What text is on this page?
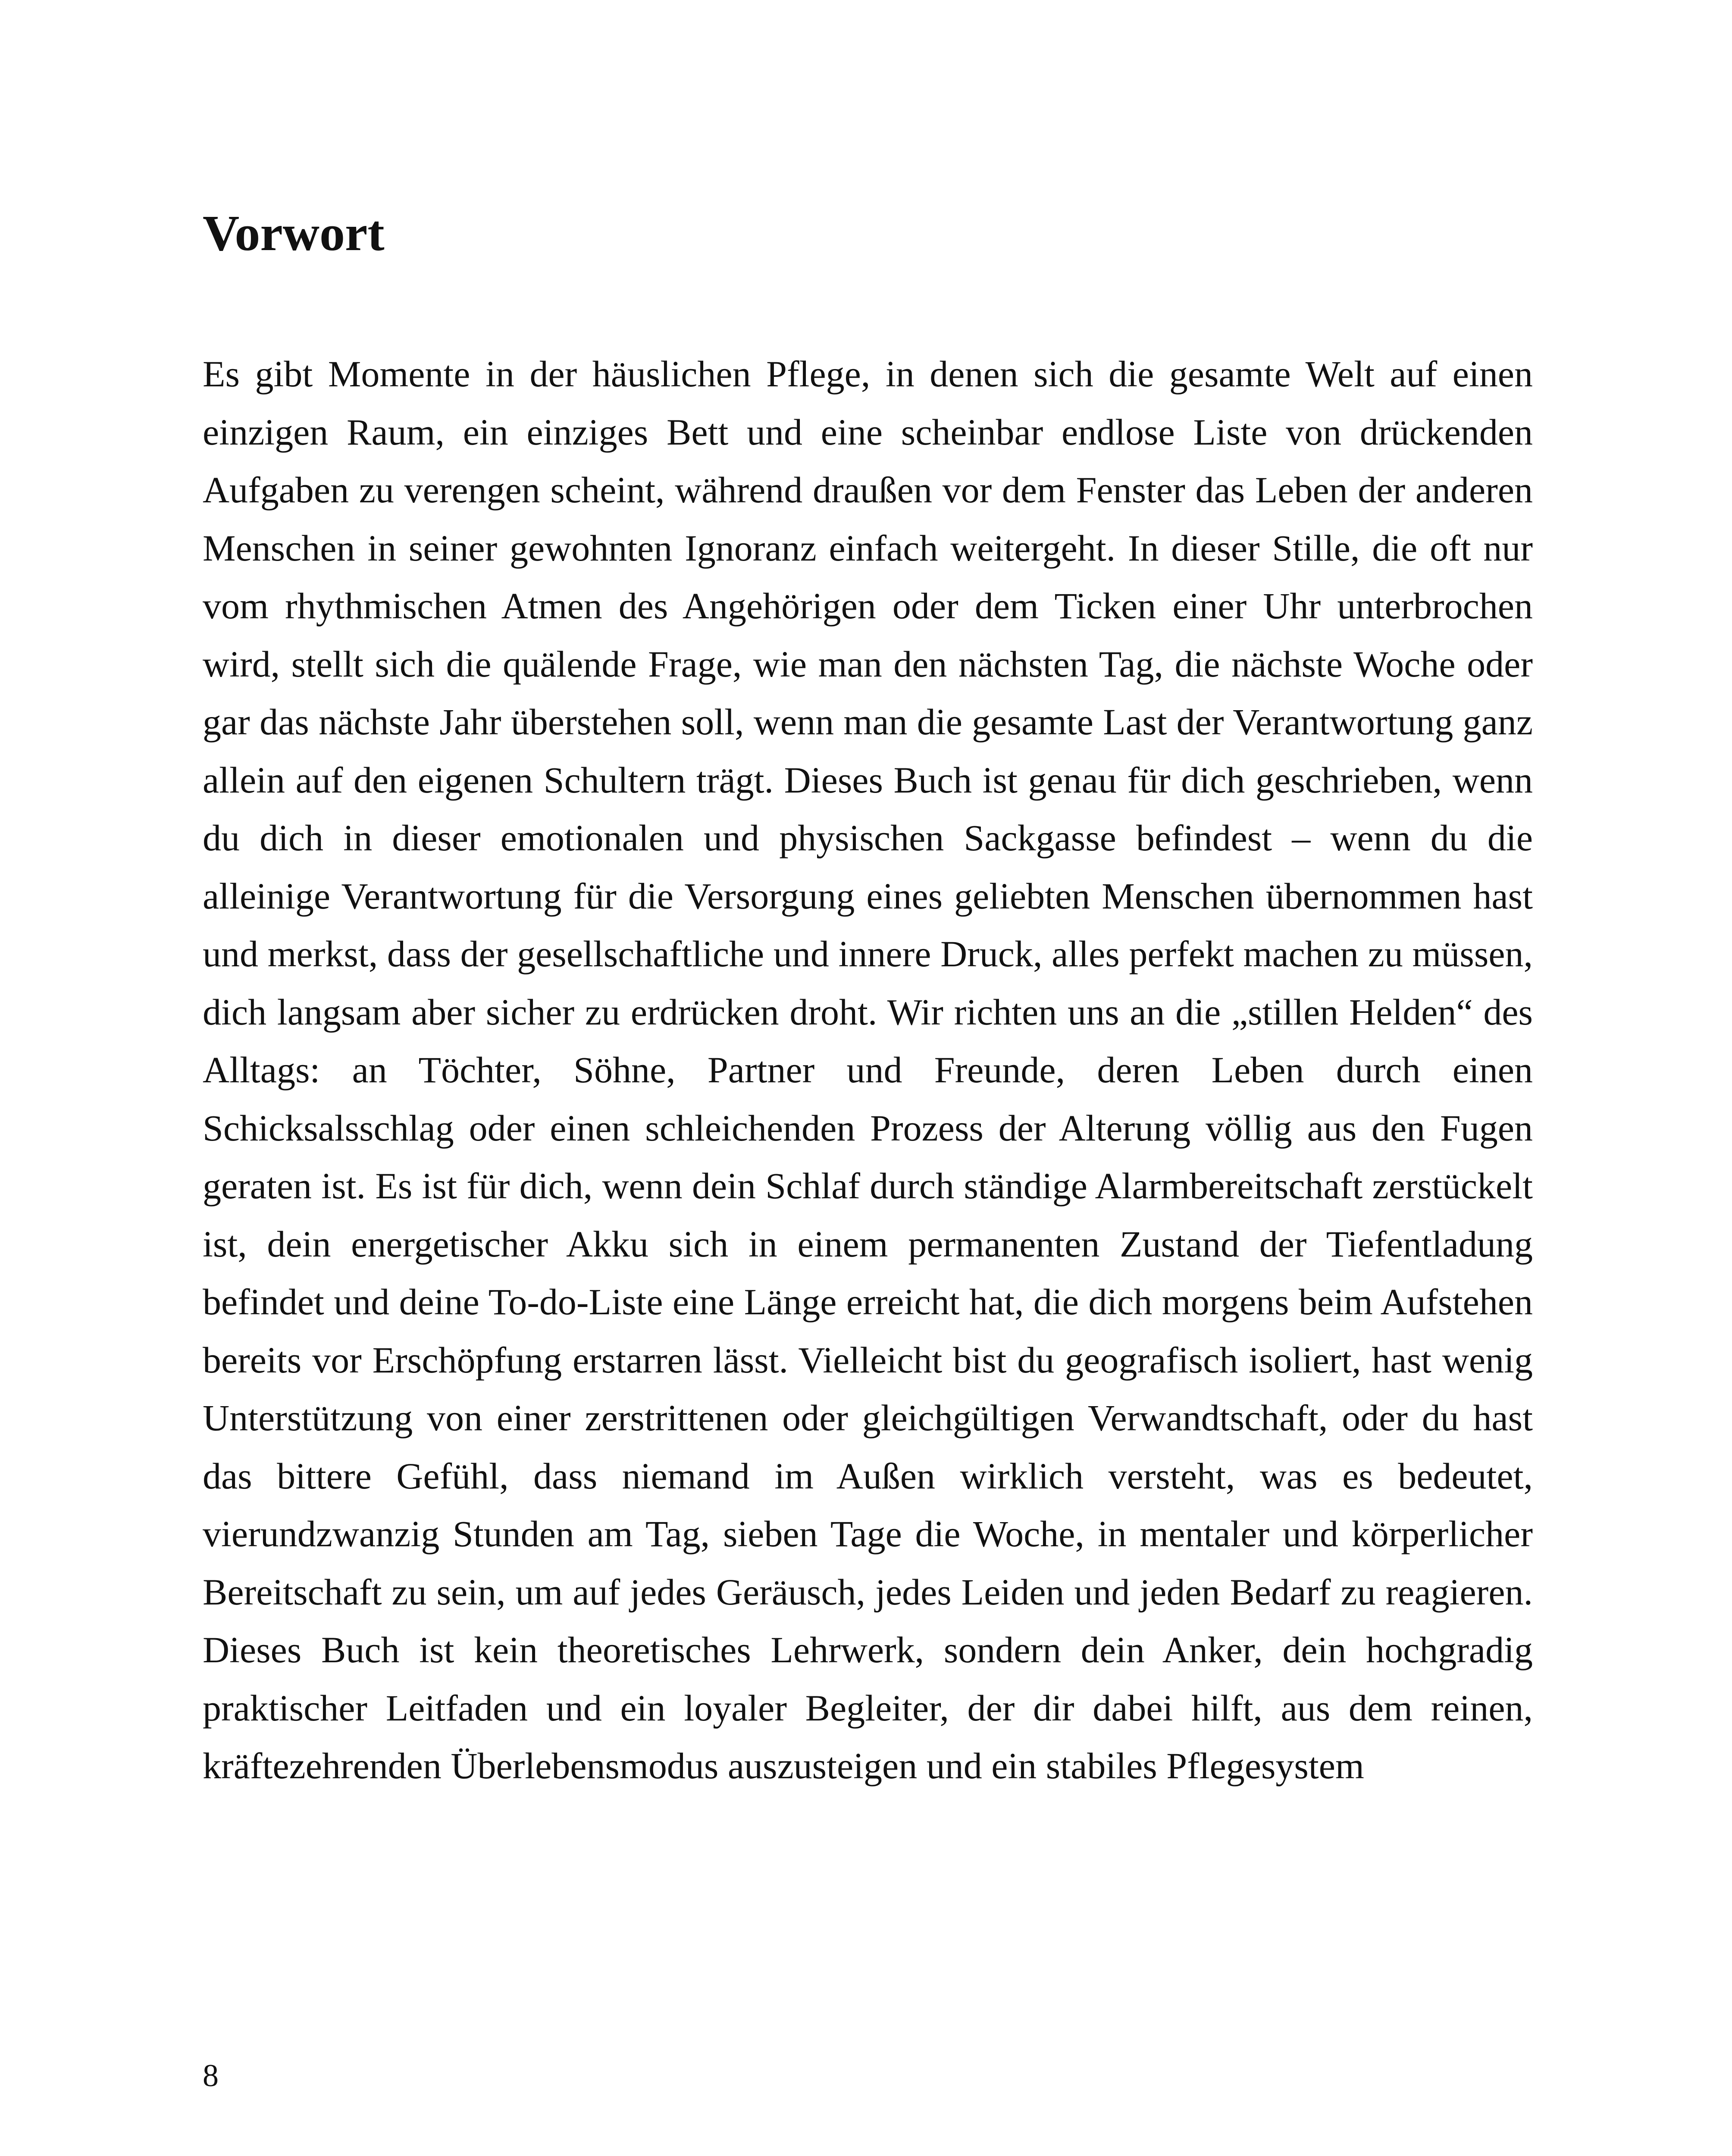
Vorwort

Es gibt Momente in der häuslichen Pflege, in denen sich die gesamte Welt auf einen einzigen Raum, ein einziges Bett und eine scheinbar endlose Liste von drückenden Aufgaben zu verengen scheint, während draußen vor dem Fenster das Leben der anderen Menschen in seiner gewohnten Ignoranz einfach weitergeht. In dieser Stille, die oft nur vom rhythmischen Atmen des Angehörigen oder dem Ticken einer Uhr unterbrochen wird, stellt sich die quälende Frage, wie man den nächsten Tag, die nächste Woche oder gar das nächste Jahr überstehen soll, wenn man die gesamte Last der Verantwortung ganz allein auf den eigenen Schultern trägt. Dieses Buch ist genau für dich geschrieben, wenn du dich in dieser emotionalen und physischen Sackgasse befindest – wenn du die alleinige Verantwortung für die Versorgung eines geliebten Menschen übernommen hast und merkst, dass der gesellschaftliche und innere Druck, alles perfekt machen zu müssen, dich langsam aber sicher zu erdrücken droht. Wir richten uns an die „stillen Helden“ des Alltags: an Töchter, Söhne, Partner und Freunde, deren Leben durch einen Schicksalsschlag oder einen schleichenden Prozess der Alterung völlig aus den Fugen geraten ist. Es ist für dich, wenn dein Schlaf durch ständige Alarmbereitschaft zerstückelt ist, dein energetischer Akku sich in einem permanenten Zustand der Tiefentladung befindet und deine To-do-Liste eine Länge erreicht hat, die dich morgens beim Aufstehen bereits vor Erschöpfung erstarren lässt. Vielleicht bist du geografisch isoliert, hast wenig Unterstützung von einer zerstrittenen oder gleichgültigen Verwandtschaft, oder du hast das bittere Gefühl, dass niemand im Außen wirklich versteht, was es bedeutet, vierundzwanzig Stunden am Tag, sieben Tage die Woche, in mentaler und körperlicher Bereitschaft zu sein, um auf jedes Geräusch, jedes Leiden und jeden Bedarf zu reagieren. Dieses Buch ist kein theoretisches Lehrwerk, sondern dein Anker, dein hochgradig praktischer Leitfaden und ein loyaler Begleiter, der dir dabei hilft, aus dem reinen, kräftezehrenden Überlebensmodus auszusteigen und ein stabiles Pflegesystem

8
